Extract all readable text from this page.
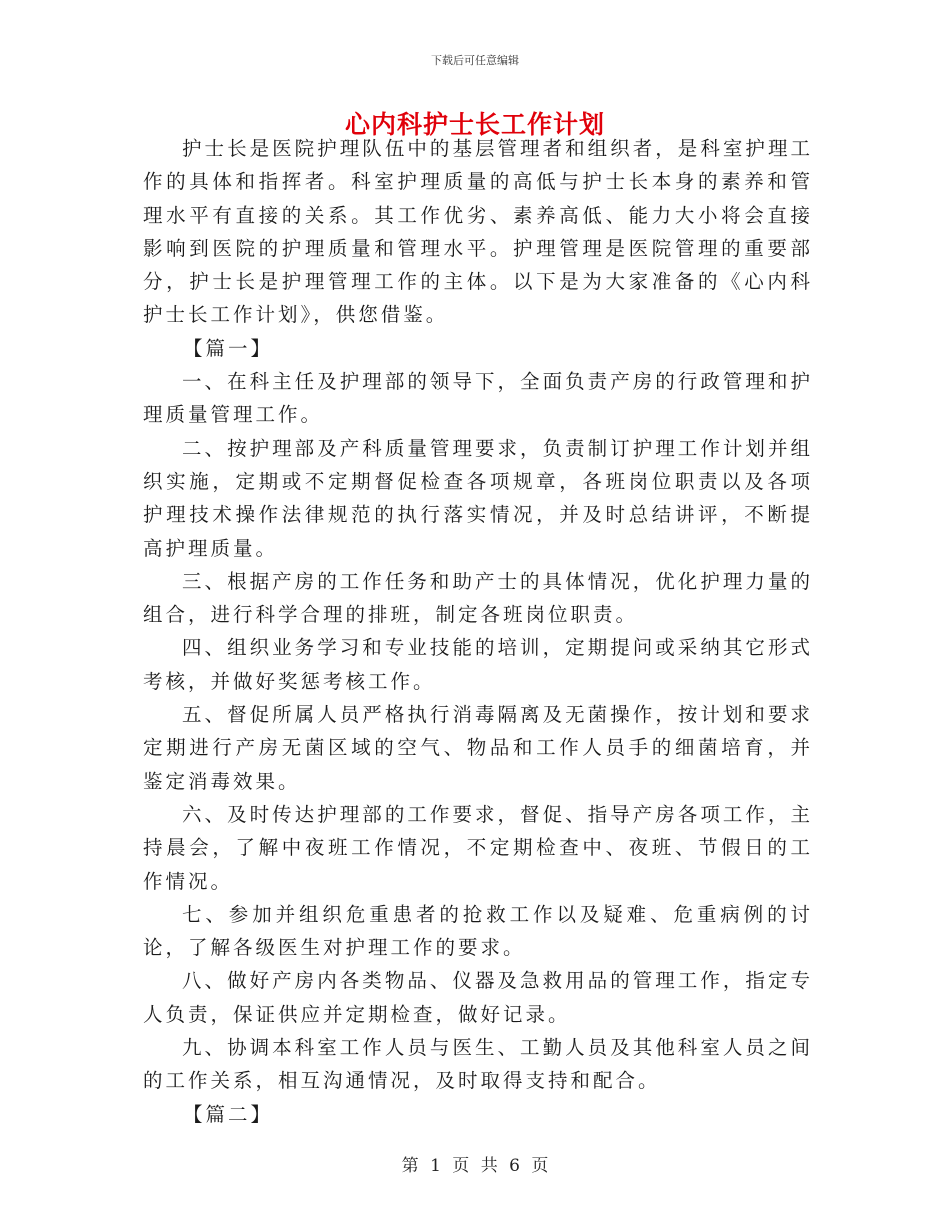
下载后可任意编辑
心内科护士长工作计划

护士长是医院护理队伍中的基层管理者和组织者，是科室护理工作的具体和指挥者。科室护理质量的高低与护士长本身的素养和管理水平有直接的关系。其工作优劣、素养高低、能力大小将会直接影响到医院的护理质量和管理水平。护理管理是医院管理的重要部分，护士长是护理管理工作的主体。以下是为大家准备的《心内科护士长工作计划》，供您借鉴。

【篇一】

一、在科主任及护理部的领导下，全面负责产房的行政管理和护理质量管理工作。

二、按护理部及产科质量管理要求，负责制订护理工作计划并组织实施，定期或不定期督促检查各项规章，各班岗位职责以及各项护理技术操作法律规范的执行落实情况，并及时总结讲评，不断提高护理质量。

三、根据产房的工作任务和助产士的具体情况，优化护理力量的组合，进行科学合理的排班，制定各班岗位职责。

四、组织业务学习和专业技能的培训，定期提问或采纳其它形式考核，并做好奖惩考核工作。

五、督促所属人员严格执行消毒隔离及无菌操作，按计划和要求定期进行产房无菌区域的空气、物品和工作人员手的细菌培育，并鉴定消毒效果。

六、及时传达护理部的工作要求，督促、指导产房各项工作，主持晨会，了解中夜班工作情况，不定期检查中、夜班、节假日的工作情况。

七、参加并组织危重患者的抢救工作以及疑难、危重病例的讨论，了解各级医生对护理工作的要求。

八、做好产房内各类物品、仪器及急救用品的管理工作，指定专人负责，保证供应并定期检查，做好记录。

九、协调本科室工作人员与医生、工勤人员及其他科室人员之间的工作关系，相互沟通情况，及时取得支持和配合。

【篇二】

第 1 页 共 6 页
